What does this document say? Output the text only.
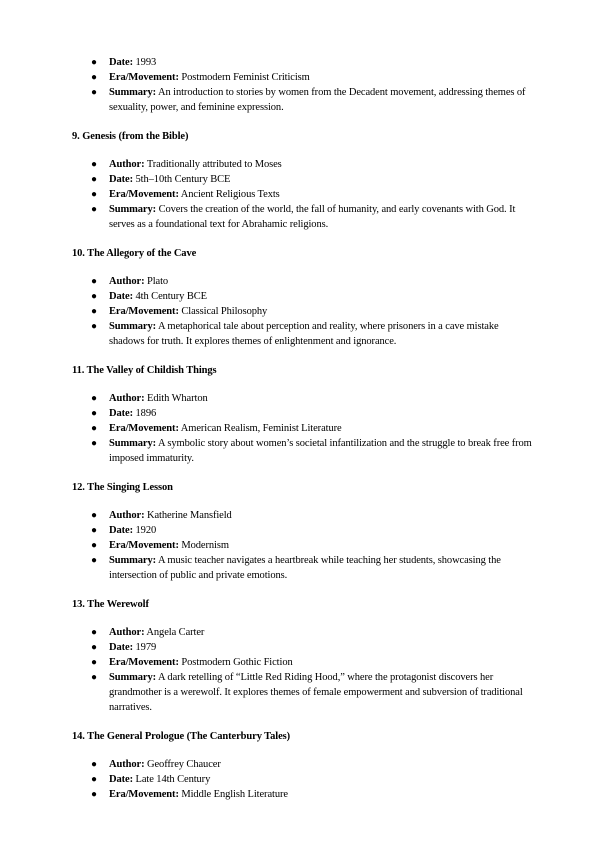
● Date: 1993
● Era/Movement: Postmodern Feminist Criticism
● Summary: An introduction to stories by women from the Decadent movement, addressing themes of sexuality, power, and feminine expression.
9. Genesis (from the Bible)
● Author: Traditionally attributed to Moses
● Date: 5th–10th Century BCE
● Era/Movement: Ancient Religious Texts
● Summary: Covers the creation of the world, the fall of humanity, and early covenants with God. It serves as a foundational text for Abrahamic religions.
10. The Allegory of the Cave
● Author: Plato
● Date: 4th Century BCE
● Era/Movement: Classical Philosophy
● Summary: A metaphorical tale about perception and reality, where prisoners in a cave mistake shadows for truth. It explores themes of enlightenment and ignorance.
11. The Valley of Childish Things
● Author: Edith Wharton
● Date: 1896
● Era/Movement: American Realism, Feminist Literature
● Summary: A symbolic story about women’s societal infantilization and the struggle to break free from imposed immaturity.
12. The Singing Lesson
● Author: Katherine Mansfield
● Date: 1920
● Era/Movement: Modernism
● Summary: A music teacher navigates a heartbreak while teaching her students, showcasing the intersection of public and private emotions.
13. The Werewolf
● Author: Angela Carter
● Date: 1979
● Era/Movement: Postmodern Gothic Fiction
● Summary: A dark retelling of “Little Red Riding Hood,” where the protagonist discovers her grandmother is a werewolf. It explores themes of female empowerment and subversion of traditional narratives.
14. The General Prologue (The Canterbury Tales)
● Author: Geoffrey Chaucer
● Date: Late 14th Century
● Era/Movement: Middle English Literature
